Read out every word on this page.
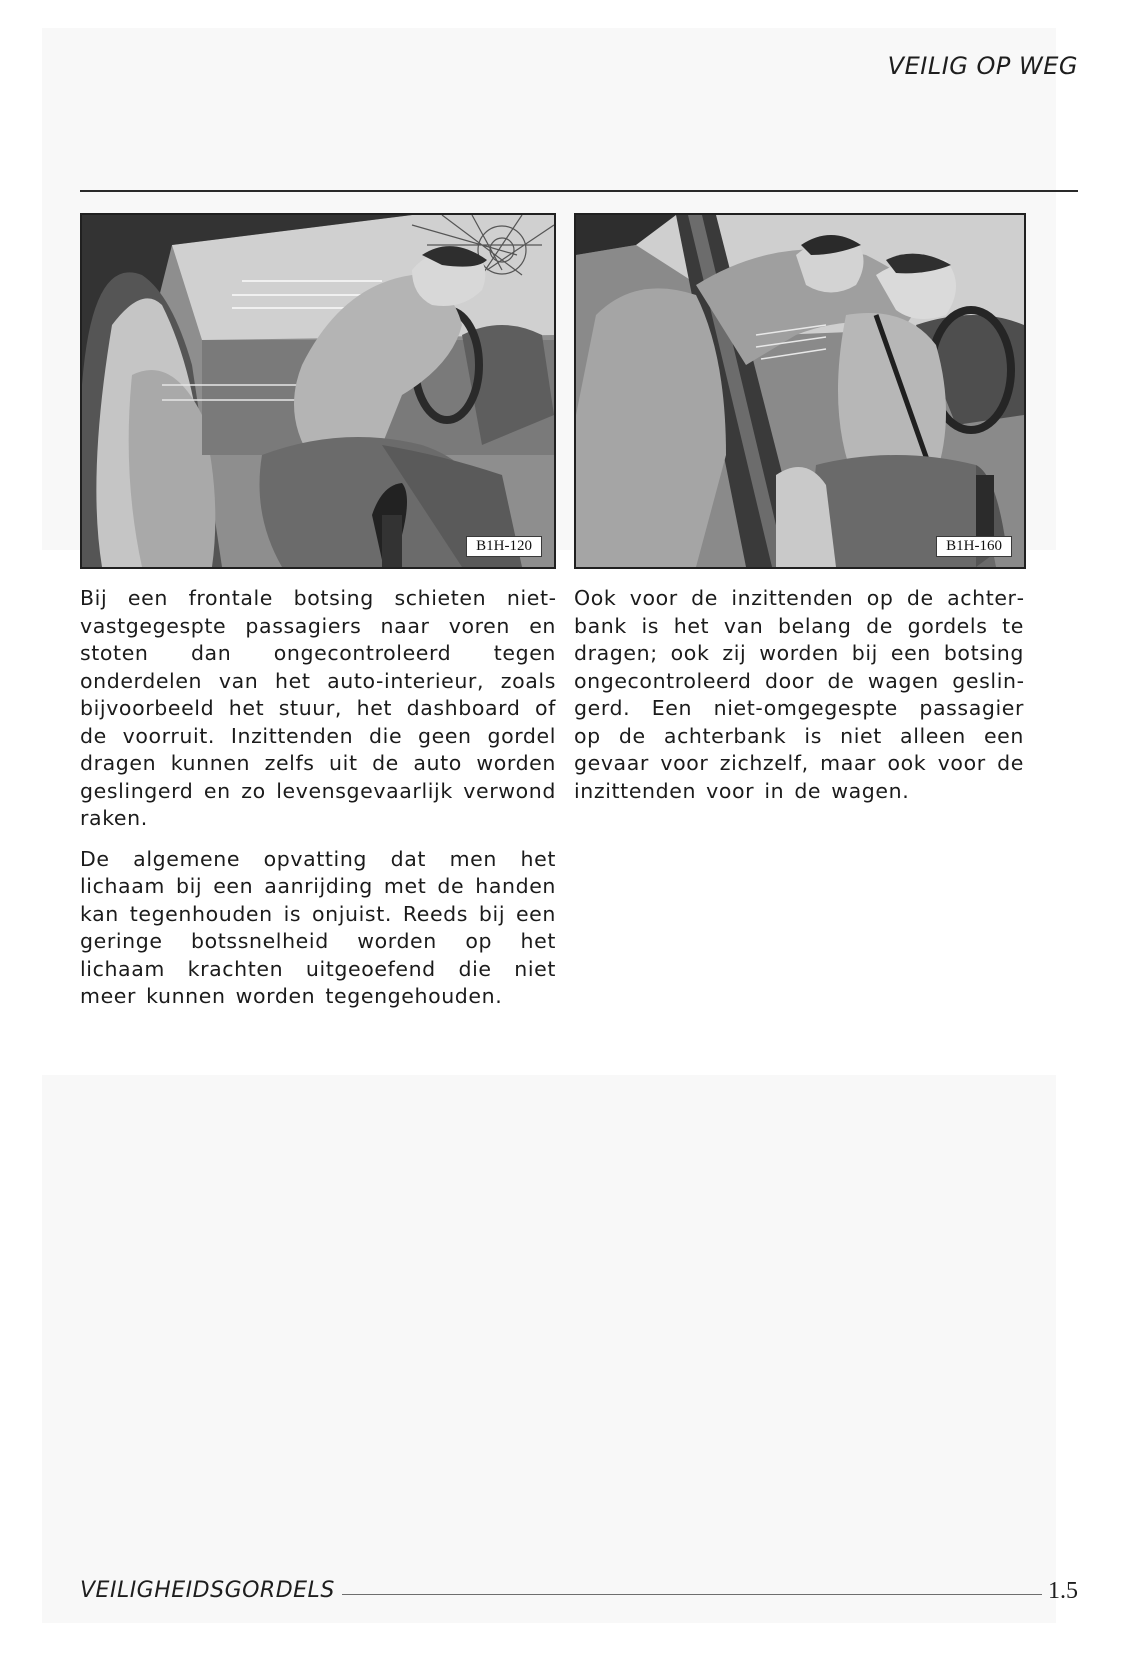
VEILIG OP WEG
B1H-120	B1H-160

Bij een frontale botsing schieten nietvastgegespte passagiers naar voren en stoten dan ongecontroleerd tegen onderdelen van het auto-interieur, zoals bijvoorbeeld het stuur, het dashboard of de voorruit. Inzittenden die geen gordel dragen kunnen zelfs uit de auto worden geslingerd en zo levensgevaarlijk verwond raken.

De algemene opvatting dat men het lichaam bij een aanrijding met de handen kan tegenhouden is onjuist. Reeds bij een geringe botssnelheid worden op het lichaam krachten uitgeoefend die niet meer kunnen worden tegengehouden.

Ook voor de inzittenden op de achterbank is het van belang de gordels te dragen; ook zij worden bij een botsing ongecontroleerd door de wagen geslingerd. Een niet-omgegespte passagier op de achterbank is niet alleen een gevaar voor zichzelf, maar ook voor de inzittenden voor in de wagen.

VEILIGHEIDSGORDELS	1.5
